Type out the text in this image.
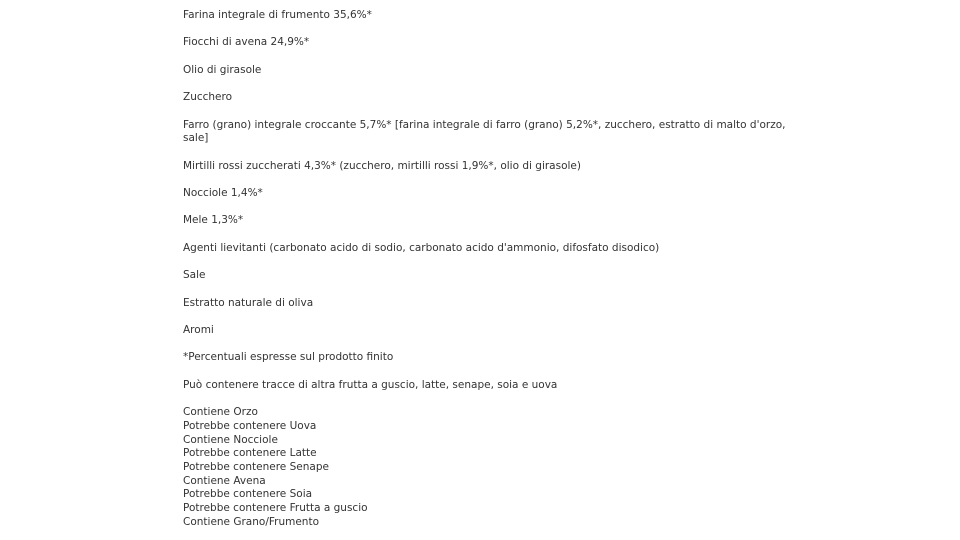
Farina integrale di frumento 35,6%*

Fiocchi di avena 24,9%*

Olio di girasole

Zucchero

Farro (grano) integrale croccante 5,7%* [farina integrale di farro (grano) 5,2%*, zucchero, estratto di malto d'orzo, sale]

Mirtilli rossi zuccherati 4,3%* (zucchero, mirtilli rossi 1,9%*, olio di girasole)

Nocciole 1,4%*

Mele 1,3%*

Agenti lievitanti (carbonato acido di sodio, carbonato acido d'ammonio, difosfato disodico)

Sale

Estratto naturale di oliva

Aromi

*Percentuali espresse sul prodotto finito

Può contenere tracce di altra frutta a guscio, latte, senape, soia e uova

Contiene Orzo
Potrebbe contenere Uova
Contiene Nocciole
Potrebbe contenere Latte
Potrebbe contenere Senape
Contiene Avena
Potrebbe contenere Soia
Potrebbe contenere Frutta a guscio
Contiene Grano/Frumento
